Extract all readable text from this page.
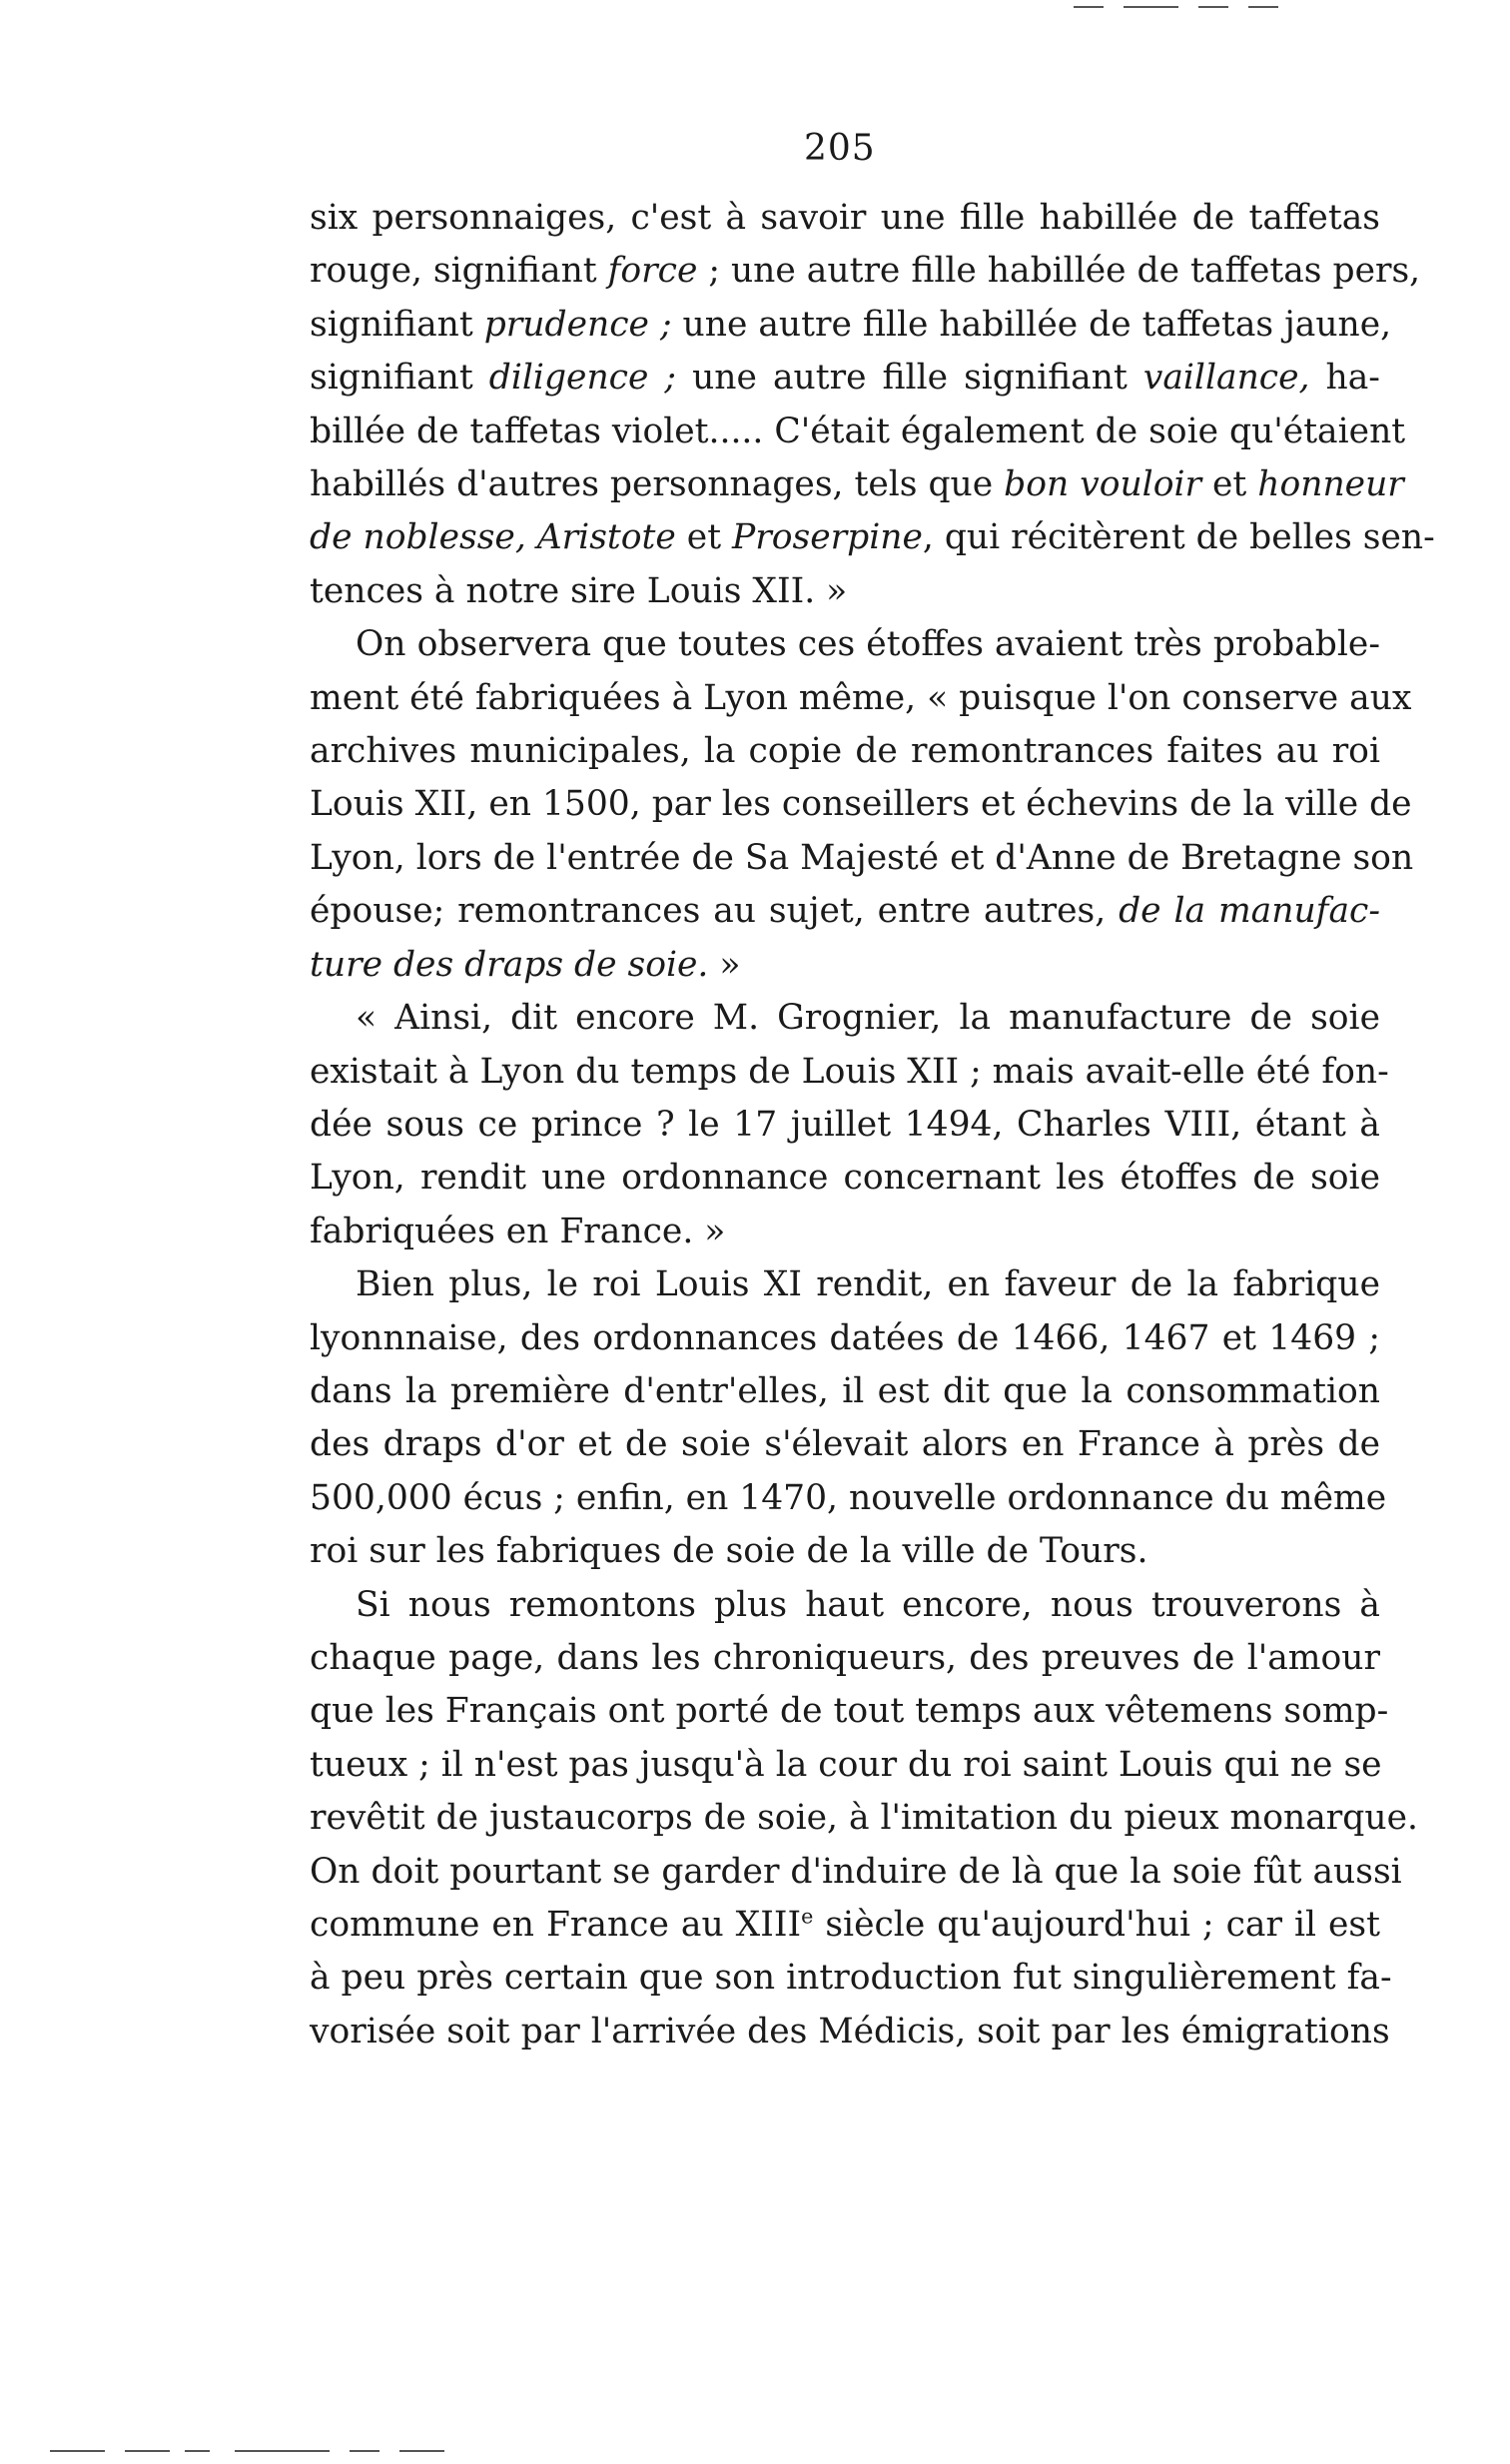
205
six personnaiges, c'est à savoir une fille habillée de taffetas
rouge, signifiant force ; une autre fille habillée de taffetas pers,
signifiant prudence ; une autre fille habillée de taffetas jaune,
signifiant diligence ; une autre fille signifiant vaillance, ha-
billée de taffetas violet..... C'était également de soie qu'étaient
habillés d'autres personnages, tels que bon vouloir et honneur
de noblesse, Aristote et Proserpine, qui récitèrent de belles sen-
tences à notre sire Louis XII. »
On observera que toutes ces étoffes avaient très probable-
ment été fabriquées à Lyon même, « puisque l'on conserve aux
archives municipales, la copie de remontrances faites au roi
Louis XII, en 1500, par les conseillers et échevins de la ville de
Lyon, lors de l'entrée de Sa Majesté et d'Anne de Bretagne son
épouse; remontrances au sujet, entre autres, de la manufac-
ture des draps de soie. »
« Ainsi, dit encore M. Grognier, la manufacture de soie
existait à Lyon du temps de Louis XII ; mais avait-elle été fon-
dée sous ce prince ? le 17 juillet 1494, Charles VIII, étant à
Lyon, rendit une ordonnance concernant les étoffes de soie
fabriquées en France. »
Bien plus, le roi Louis XI rendit, en faveur de la fabrique
lyonnnaise, des ordonnances datées de 1466, 1467 et 1469 ;
dans la première d'entr'elles, il est dit que la consommation
des draps d'or et de soie s'élevait alors en France à près de
500,000 écus ; enfin, en 1470, nouvelle ordonnance du même
roi sur les fabriques de soie de la ville de Tours.
Si nous remontons plus haut encore, nous trouverons à
chaque page, dans les chroniqueurs, des preuves de l'amour
que les Français ont porté de tout temps aux vêtemens somp-
tueux ; il n'est pas jusqu'à la cour du roi saint Louis qui ne se
revêtit de justaucorps de soie, à l'imitation du pieux monarque.
On doit pourtant se garder d'induire de là que la soie fût aussi
commune en France au XIIIe siècle qu'aujourd'hui ; car il est
à peu près certain que son introduction fut singulièrement fa-
vorisée soit par l'arrivée des Médicis, soit par les émigrations
